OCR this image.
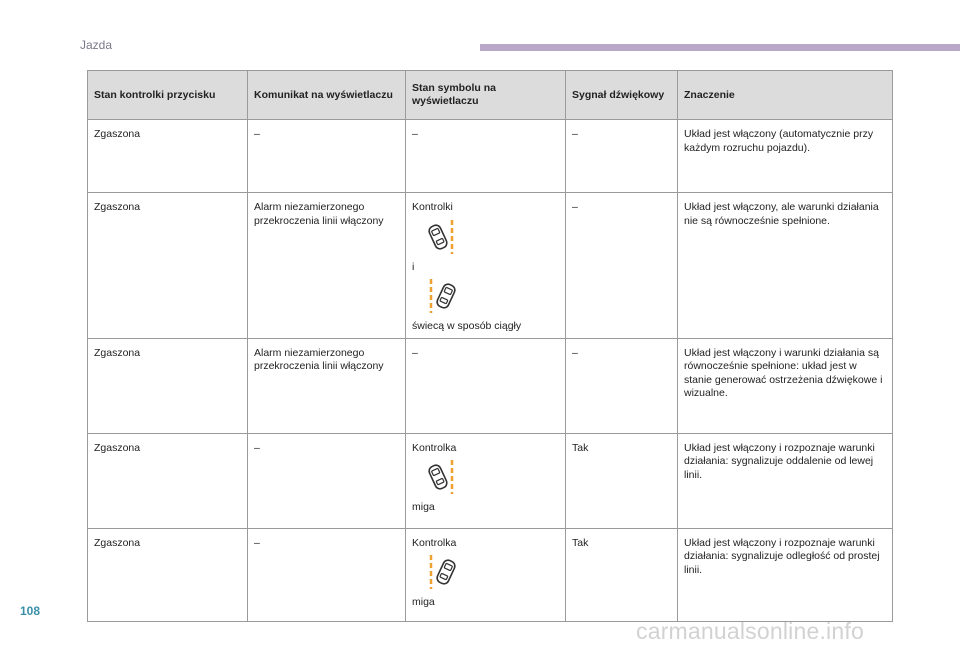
Jazda
Stan kontrolki przycisku	Komunikat na wyświetlaczu	Stan symbolu na wyświetlaczu	Sygnał dźwiękowy	Znaczenie
Zgaszona	–	–	–	Układ jest włączony (automatycznie przy każdym rozruchu pojazdu).
Zgaszona	Alarm niezamierzonego przekroczenia linii włączony	Kontrolki
i
świecą w sposób ciągły	–	Układ jest włączony, ale warunki działania nie są równocześnie spełnione.
Zgaszona	Alarm niezamierzonego przekroczenia linii włączony	–	–	Układ jest włączony i warunki działania są równocześnie spełnione: układ jest w stanie generować ostrzeżenia dźwiękowe i wizualne.
Zgaszona	–	Kontrolka
miga	Tak	Układ jest włączony i rozpoznaje warunki działania: sygnalizuje oddalenie od lewej linii.
Zgaszona	–	Kontrolka
miga	Tak	Układ jest włączony i rozpoznaje warunki działania: sygnalizuje odległość od prostej linii.
108
carmanualsonline.info
